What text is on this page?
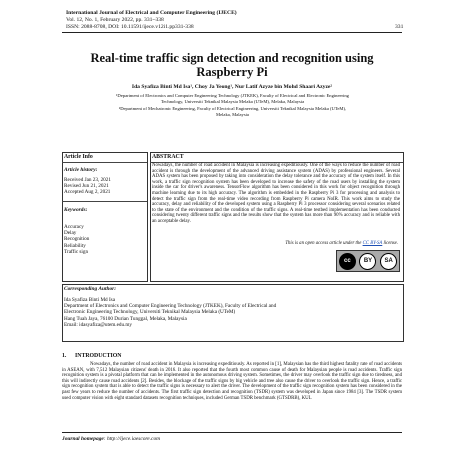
International Journal of Electrical and Computer Engineering (IJECE)
Vol. 12, No. 1, February 2022, pp. 331~338
ISSN: 2088-8708, DOI: 10.11591/ijece.v12i1.pp331-338	331
Real-time traffic sign detection and recognition using
Raspberry Pi
Ida Syafiza Binti Md Isa¹, Choy Ja Yeong¹, Nur Latif Azyze bin Mohd Shaari Azyze²
¹Department of Electronics and Computer Engineering Technology (JTKEK), Faculty of Electrical and Electronic Engineering
Technology, Universiti Teknikal Malaysia Melaka (UTeM), Melaka, Malaysia
²Department of Mechatronic Engineering, Faculty of Electrical Engineering, Universiti Teknikal Malaysia Melaka (UTeM),
Melaka, Malaysia
Article Info
Article history:
Received Jan 23, 2021
Revised Jun 21, 2021
Accepted Aug 2, 2021
Keywords:
Accuracy
Delay
Recognition
Reliability
Traffic sign
ABSTRACT
Nowadays, the number of road accident in Malaysia is increasing expeditiously. One of the ways to reduce the number of road accident is through the development of the advanced driving assistance system (ADAS) by professional engineers. Several ADAS system has been proposed by taking into consideration the delay tolerance and the accuracy of the system itself. In this work, a traffic sign recognition system has been developed to increase the safety of the road users by installing the system inside the car for driver's awareness. TensorFlow algorithm has been considered in this work for object recognition through machine learning due to its high accuracy. The algorithm is embedded in the Raspberry Pi 3 for processing and analysis to detect the traffic sign from the real-time video recording from Raspberry Pi camera NoIR. This work aims to study the accuracy, delay and reliability of the developed system using a Raspberry Pi 3 processor considering several scenarios related to the state of the environment and the condition of the traffic signs. A real-time testbed implementation has been conducted considering twenty different traffic signs and the results show that the system has more than 90% accuracy and is reliable with an acceptable delay.
This is an open access article under the CC BY-SA license.
cc	BY	SA
Corresponding Author:
Ida Syafiza Binti Md Isa
Department of Electronics and Computer Engineering Technology (JTKEK), Faculty of Electrical and
Electronic Engineering Technology, Universiti Teknikal Malaysia Melaka (UTeM)
Hang Tuah Jaya, 76100 Durian Tunggal, Melaka, Malaysia
Email: idasyafiza@utem.edu.my
1.      INTRODUCTION
Nowadays, the number of road accident in Malaysia is increasing expeditiously. As reported in [1], Malaysian has the third highest fatality rate of road accidents in ASEAN, with 7,512 Malaysian citizens' death in 2016. It also reported that the fourth most common cause of death for Malaysian people is road accidents. Traffic sign recognition system is a pivotal platform that can be implemented in the autonomous driving system. Sometimes, the driver may overlook the traffic sign due to tiredness, and this will indirectly cause road accidents [2]. Besides, the blockage of the traffic signs by big vehicle and tree also cause the driver to overlook the traffic sign. Hence, a traffic sign recognition system that is able to detect the traffic signs is necessary to alert the driver. The development of the traffic sign recognition system has been considered in the past few years to reduce the number of accidents. The first traffic sign detection and recognition (TSDR) system was developed in Japan since 1984 [3]. The TSDR system used computer vision with eight standard datasets recognition techniques, included German TSDR benchmark (GTSDRB), KUL
Journal homepage: http://ijece.iaescore.com
